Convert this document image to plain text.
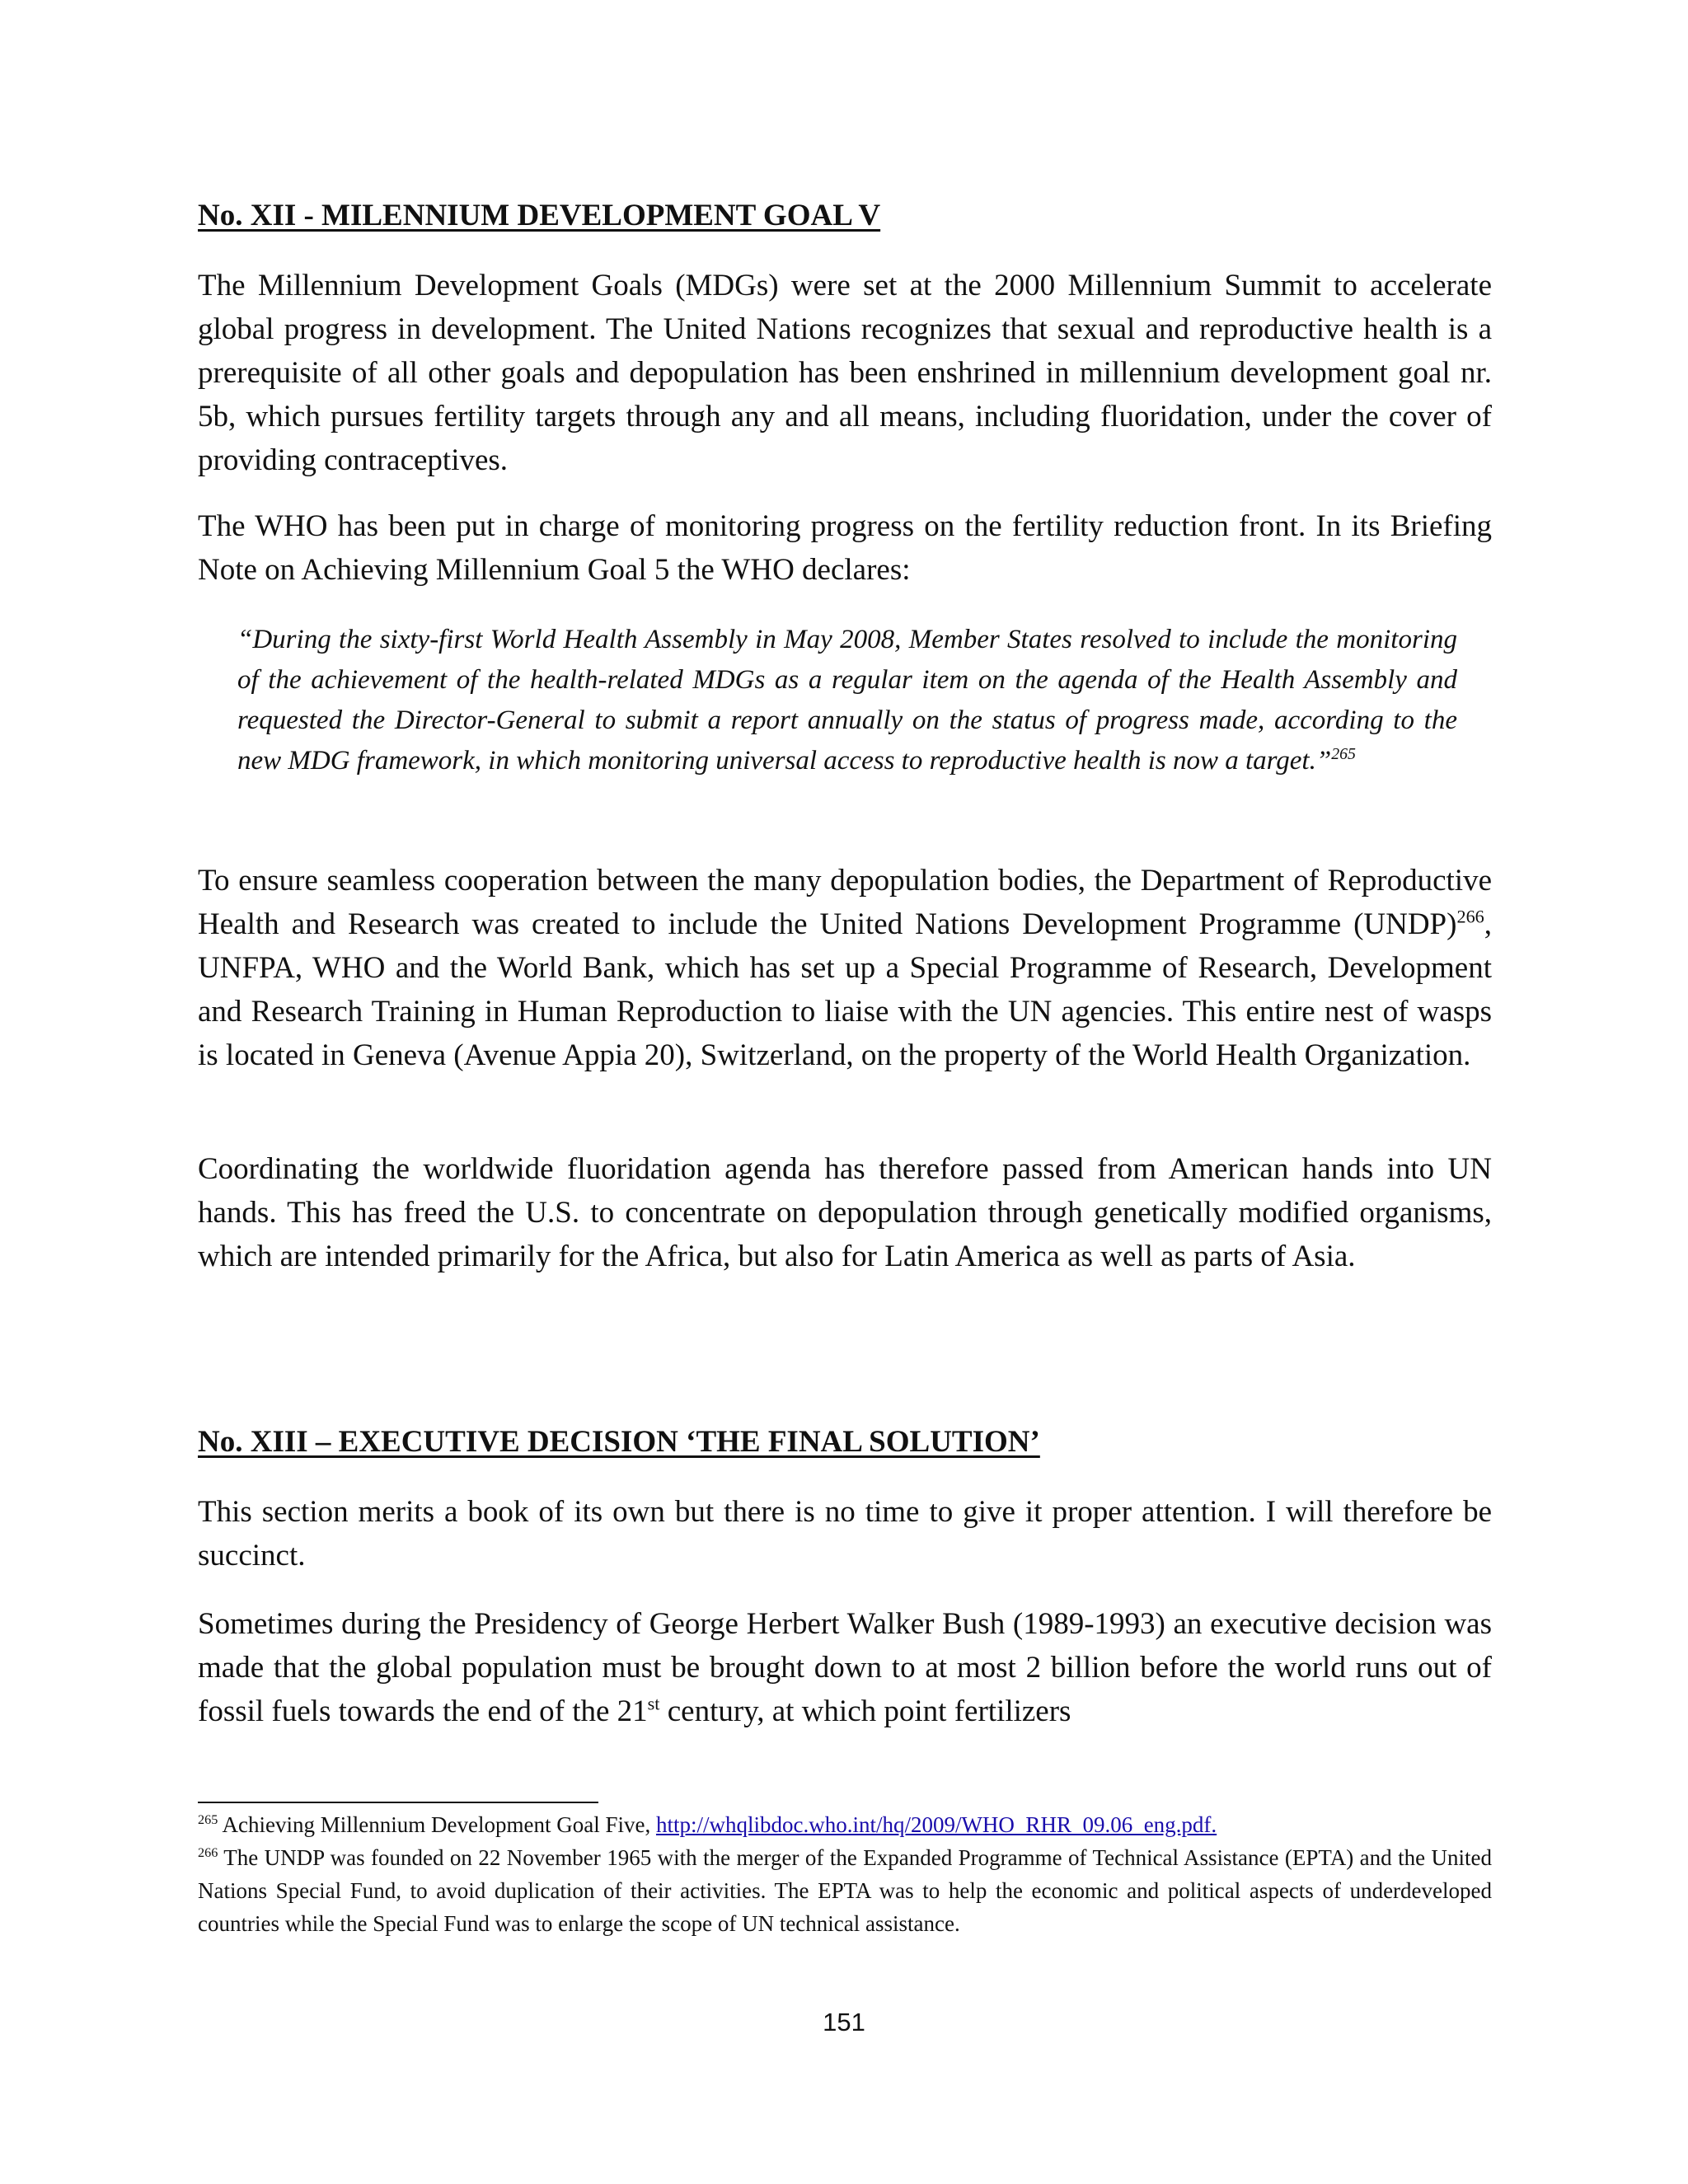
No. XII - MILENNIUM DEVELOPMENT GOAL V

The Millennium Development Goals (MDGs) were set at the 2000 Millennium Summit to accelerate global progress in development. The United Nations recognizes that sexual and reproductive health is a prerequisite of all other goals and depopulation has been enshrined in millennium development goal nr. 5b, which pursues fertility targets through any and all means, including fluoridation, under the cover of providing contraceptives.

The WHO has been put in charge of monitoring progress on the fertility reduction front. In its Briefing Note on Achieving Millennium Goal 5 the WHO declares:

“During the sixty-first World Health Assembly in May 2008, Member States resolved to include the monitoring of the achievement of the health-related MDGs as a regular item on the agenda of the Health Assembly and requested the Director-General to submit a report annually on the status of progress made, according to the new MDG framework, in which monitoring universal access to reproductive health is now a target.”$^{265}$

To ensure seamless cooperation between the many depopulation bodies, the Department of Reproductive Health and Research was created to include the United Nations Development Programme (UNDP)$^{266}$, UNFPA, WHO and the World Bank, which has set up a Special Programme of Research, Development and Research Training in Human Reproduction to liaise with the UN agencies. This entire nest of wasps is located in Geneva (Avenue Appia 20), Switzerland, on the property of the World Health Organization.

Coordinating the worldwide fluoridation agenda has therefore passed from American hands into UN hands. This has freed the U.S. to concentrate on depopulation through genetically modified organisms, which are intended primarily for the Africa, but also for Latin America as well as parts of Asia.

No. XIII – EXECUTIVE DECISION ‘THE FINAL SOLUTION’

This section merits a book of its own but there is no time to give it proper attention. I will therefore be succinct.

Sometimes during the Presidency of George Herbert Walker Bush (1989-1993) an executive decision was made that the global population must be brought down to at most 2 billion before the world runs out of fossil fuels towards the end of the 21st century, at which point fertilizers

$^{265}$ Achieving Millennium Development Goal Five, http://whqlibdoc.who.int/hq/2009/WHO_RHR_09.06_eng.pdf.

$^{266}$ The UNDP was founded on 22 November 1965 with the merger of the Expanded Programme of Technical Assistance (EPTA) and the United Nations Special Fund, to avoid duplication of their activities. The EPTA was to help the economic and political aspects of underdeveloped countries while the Special Fund was to enlarge the scope of UN technical assistance.

151
